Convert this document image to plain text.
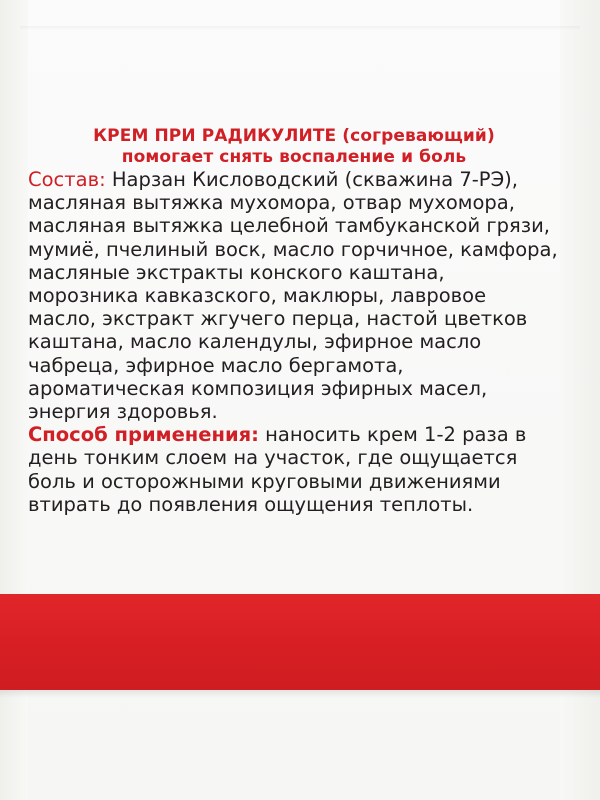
КРЕМ ПРИ РАДИКУЛИТЕ (согревающий)
помогает снять воспаление и боль

Состав: Нарзан Кисловодский (скважина 7-РЭ), масляная вытяжка мухомора, отвар мухомора, масляная вытяжка целебной тамбуканской грязи, мумиё, пчелиный воск, масло горчичное, камфора, масляные экстракты конского каштана, морозника кавказского, маклюры, лавровое масло, экстракт жгучего перца, настой цветков каштана, масло календулы, эфирное масло чабреца, эфирное масло бергамота, ароматическая композиция эфирных масел, энергия здоровья.

Способ применения: наносить крем 1-2 раза в день тонким слоем на участок, где ощущается боль и осторожными круговыми движениями втирать до появления ощущения теплоты.
